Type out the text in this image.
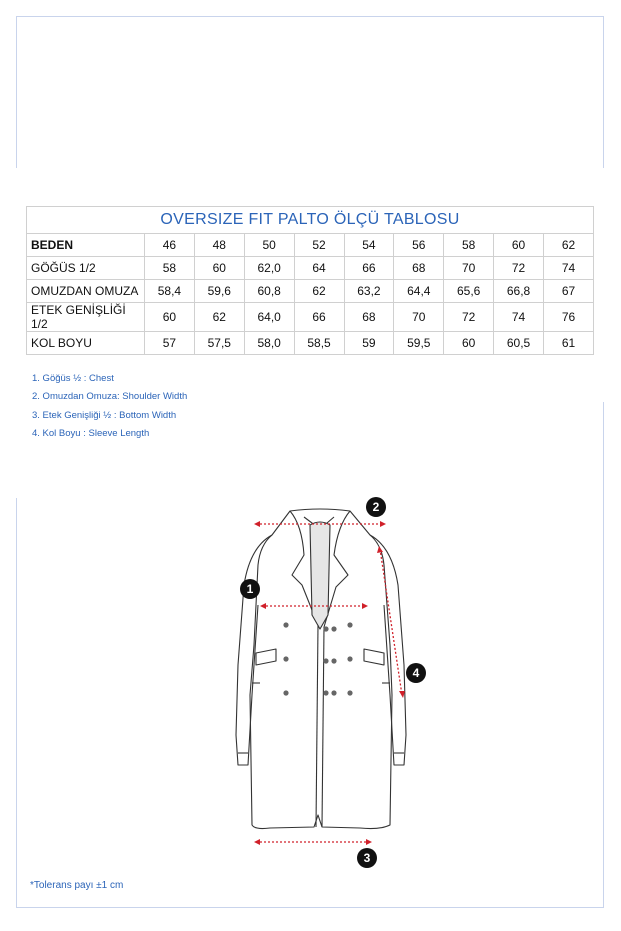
OVERSIZE FIT PALTO ÖLÇÜ TABLOSU									
BEDEN	46	48	50	52	54	56	58	60	62
GÖĞÜS 1/2	58	60	62,0	64	66	68	70	72	74
OMUZDAN OMUZA	58,4	59,6	60,8	62	63,2	64,4	65,6	66,8	67
ETEK GENİŞLİĞİ 1/2	60	62	64,0	66	68	70	72	74	76
KOL BOYU	57	57,5	58,0	58,5	59	59,5	60	60,5	61
1. Göğüs ½ : Chest
2. Omuzdan Omuza: Shoulder Width
3. Etek Genişliği ½ : Bottom Width
4. Kol Boyu : Sleeve Length
1
2
3
4
*Tolerans payı ±1 cm
